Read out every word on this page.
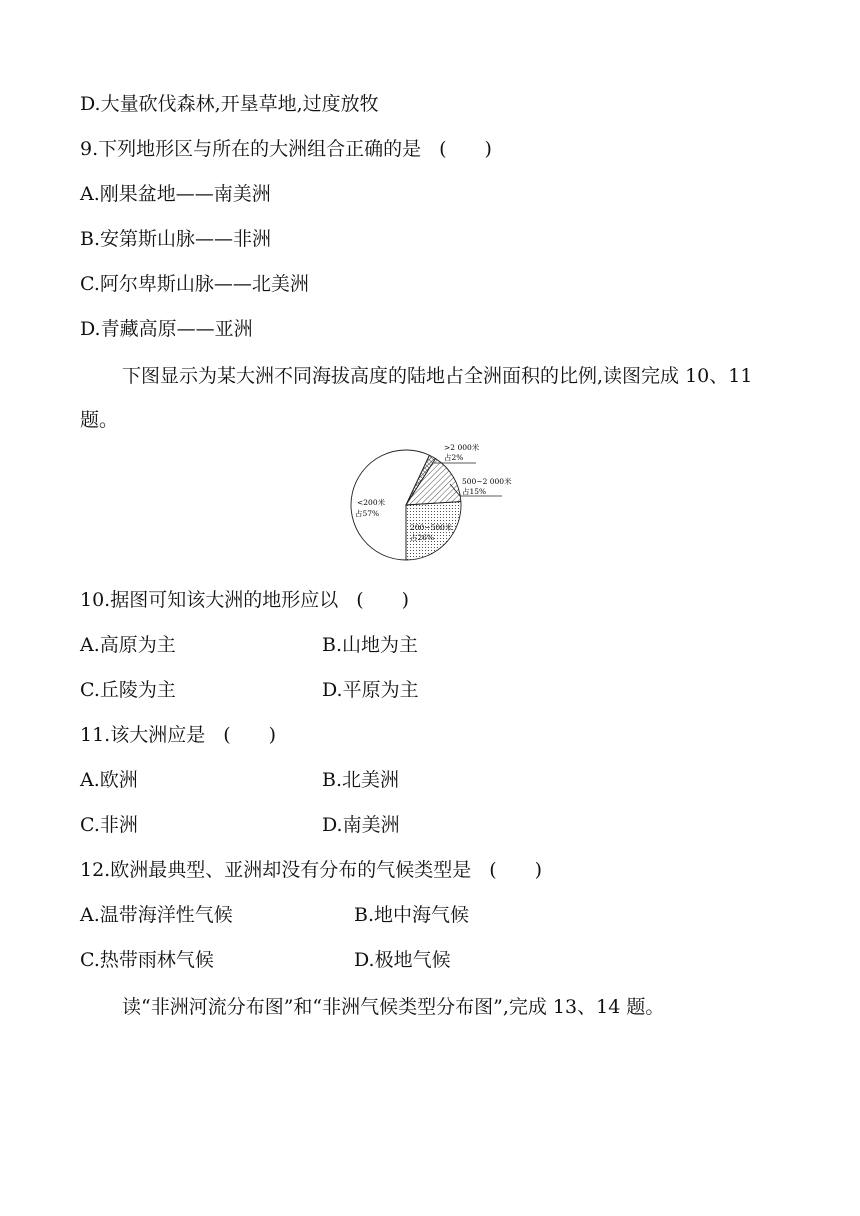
D.大量砍伐森林,开垦草地,过度放牧
9.下列地形区与所在的大洲组合正确的是 (　　)
A.刚果盆地——南美洲
B.安第斯山脉——非洲
C.阿尔卑斯山脉——北美洲
D.青藏高原——亚洲
下图显示为某大洲不同海拔高度的陆地占全洲面积的比例,读图完成 10、11
题。
<200米
占57%
>2 000米
占2%
500~2 000米
占15%
200~500米
占26%
10.据图可知该大洲的地形应以 (　　)
A.高原为主	B.山地为主
C.丘陵为主	D.平原为主
11.该大洲应是 (　　)
A.欧洲	B.北美洲
C.非洲	D.南美洲
12.欧洲最典型、亚洲却没有分布的气候类型是 (　　)
A.温带海洋性气候	B.地中海气候
C.热带雨林气候	D.极地气候
读“非洲河流分布图”和“非洲气候类型分布图”,完成 13、14 题。
